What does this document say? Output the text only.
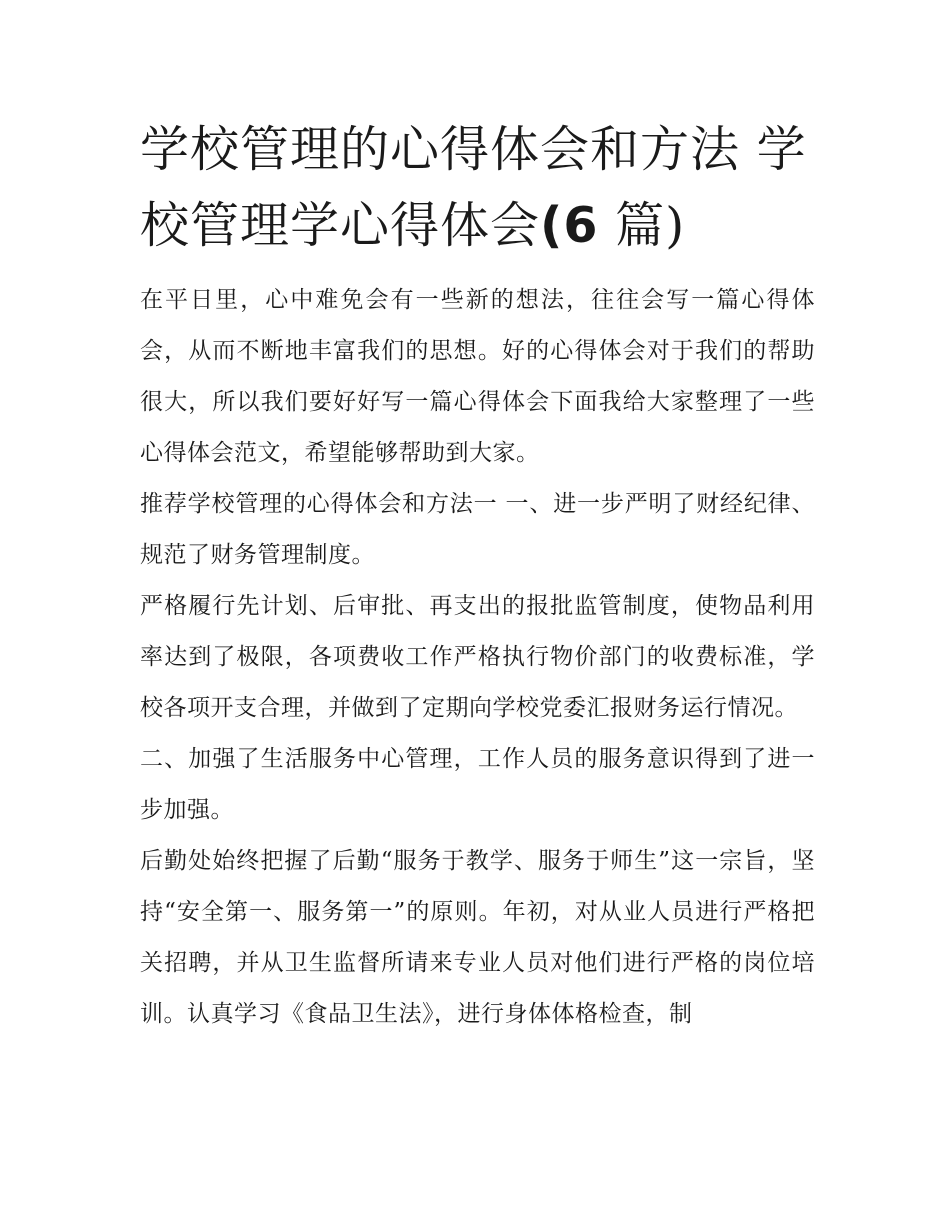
学校管理的心得体会和方法 学校管理学心得体会(6 篇)

在平日里，心中难免会有一些新的想法，往往会写一篇心得体会，从而不断地丰富我们的思想。好的心得体会对于我们的帮助很大，所以我们要好好写一篇心得体会下面我给大家整理了一些心得体会范文，希望能够帮助到大家。

推荐学校管理的心得体会和方法一 一、进一步严明了财经纪律、规范了财务管理制度。

严格履行先计划、后审批、再支出的报批监管制度，使物品利用率达到了极限，各项费收工作严格执行物价部门的收费标准，学校各项开支合理，并做到了定期向学校党委汇报财务运行情况。

二、加强了生活服务中心管理，工作人员的服务意识得到了进一步加强。

后勤处始终把握了后勤“服务于教学、服务于师生”这一宗旨，坚持“安全第一、服务第一”的原则。年初，对从业人员进行严格把关招聘，并从卫生监督所请来专业人员对他们进行严格的岗位培训。认真学习《食品卫生法》，进行身体体格检查，制
